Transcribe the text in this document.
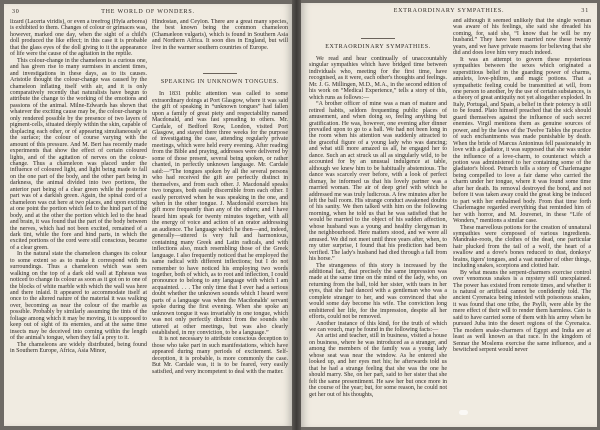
30	THE WORLD OF WONDERS.

lizard (Lacerta viridis), or even a treefrog (Hyla arborea) is exhibited to them. Changes of colour or grimaces was, however, marked one day, when the sight of a child's doll produced the like effect; in this case it is probable that the glass eyes of the doll giving to it the appearance of life were the cause of the agitation in the reptile.

This colour-change in the chameleon is a curious one, and has given rise to many surmises in ancient times, and investigations in these days, as to its causes. Aristotle thought the colour-change was caused by the chameleon inflating itself with air, and it is only comparatively recently that naturalists have begun to attribute the change to the working of the emotions and passions of the animal. Milne-Edwards has shown that whatever the exciting cause may be, the colour-change is only rendered possible by the presence of two layers of pigment-cells, situated deeply within the skin, capable of displacing each other, or of appearing simultaneously at the surface; the colour of course varying with the amount of this pressure. And M. Bert has recently made experiments that show the effect of certain coloured lights, and of the agitation of nerves on the colour-change. Thus a chameleon was placed under the influence of coloured light, and light being made to fall on the one part of the body, and the other part being in darkness, the animal divided into two portions, the anterior part being of a clear green while the posterior part was of a darkish green. Again, the spinal cord of a chameleon was cut here at two places, and upon exciting at one point the portion which led to the hind part of the body, and at the other the portion which led to the head and brain, it was found that the part of the body between the nerves, which had not been excited, remained of a dark tint, while the fore and hind parts, in which the excited portions of the cord were still conscious, became of a clear green.

In the natural state the chameleon changes its colour to some extent so as to make it correspond with its surroundings. Thus a chameleon which was seen walking on the top of a dark old wall at Ephesus was noticed to change its colour as soon as it got on to one of the blocks of white marble with which the wall was here and there inlaid. It appeared to accommodate itself at once to the altered nature of the material it was walking over, becoming as near the colour of the marble as possible. Probably by similarly assuming the tints of the foliage among which it may be moving, it is supposed to keep out of sight of its enemies, and at the same time insects may be deceived into coming within the length of the animal's tongue, when they fall a prey to it.

The chameleons are widely distributed, being found in Southern Europe, Africa, Asia Minor,

Hindostan, and Ceylon. There are a great many species, the best known being the common chameleon (Chamæleon vulgaris), which is found in Southern Asia and Northern Africa. It soon dies in England, but will live in the warmer southern countries of Europe.

SPEAKING IN UNKNOWN TONGUES.

In 1831 public attention was called to some extraordinary doings at Port Glasgow, where it was said the gift of speaking in “unknown tongues” had fallen upon a family of great piety and respectability named Macdonald, and was fast spreading to others. Mr. Cardale, of Bedford Row, London, visited Port Glasgow, and stayed there three weeks for the purpose of investigating the case, attending regularly private meetings, which were held every evening. After reading from the Bible and praying, addresses were delivered by some of those present, several being spoken, or rather chanted, in perfectly unknown language. Mr. Cardale said:—“The tongues spoken by all the several persons who had received the gift are perfectly distinct in themselves, and from each other. J. Macdonald speaks two tongues, both easily discernible from each other. I easily perceived when he was speaking in the one, and when in the other tongue. J. Macdonald exercises his gift more frequently than any of the others; and I have heard him speak for twenty minutes together, with all the energy of voice and action of an orator addressing an audience. The language which he then—and, indeed, generally—uttered is very full and harmonious, containing many Greek and Latin radicals, and with inflections also, much resembling those of the Greek language. I also frequently noticed that he employed the same radical with different inflections; but I do not remember to have noticed his employing two words together, both of which, as to root and inflection, I could pronounce to belong to any language with which I am acquainted. . . . The only time that I ever had a serious doubt whether the unknown sounds which I heard were parts of a language was when the Macdonalds' servant spoke during the first evening. When she spoke an unknown tongue it was invariably in one tongue, which was not only perfectly distinct from the sounds she uttered at other meetings, but was also clearly established, in my conviction, to be a language.”

It is not necessary to attribute conscious deception to those who take part in such manifestations, which have appeared during many periods of excitement. Self-deception, it is probable, is more commonly the case. But Mr. Cardale was, it is to be feared, very easily satisfied, and very incompetent to deal with the matter.

EXTRAORDINARY SYMPATHIES.	31
EXTRAORDINARY SYMPATHIES.

We read and hear continually of unaccountably singular sympathies which have bridged time between individuals who, meeting for the first time, have recognised, as it were, each other's thoughts and feelings. Mr. J. G. Millingen, M.D., M.A., in the second edition of his work on “Medical Experience,” tells a story of this, which runs as follows:—

“A brother officer of mine was a man of mature and retired habits, seldom frequenting public places of amusement, and when doing so, feeling anything but gratification. He was, however, one evening after dinner prevailed upon to go to a ball. We had not been long in the room when his attention was suddenly attracted to the graceful figure of a young lady who was dancing; and what still more amazed us all, he engaged her to dance. Such an act struck us all as singularly wild, to be accounted for by an unusual indulgence at table, although we knew him to be habitually abstemious. The dance was scarcely over before, with a look of perfect dismay, he informed us that his lovely partner was a married woman. The air of deep grief with which he addressed me was truly ludicrous. A few minutes after he left the ball room. His strange conduct awakened doubts of his sanity. We then talked with him on the following morning, when he told us that he was satisfied that he would be married to the object of his sudden affection, whose husband was a young and healthy clergyman in the neighbourhood. Here matters stood, and we were all amused. We did not meet until three years after, when, to my utter surprise, I found that his prediction had been verified. The lady's husband had died through a fall from his horse.”

The strangeness of this story is increased by the additional fact, that precisely the same impression was made at the same time on the mind of the lady, who, on returning from the ball, told her sister, with tears in her eyes, that she had danced with a gentleman who was a complete stranger to her, and was convinced that she would some day become his wife. The conviction long embittered her life, for the impression, despite all her efforts, could not be removed.

Another instance of this kind, for the truth of which we can vouch, may be found in the following facts:—

An artist and teacher, still in business, visited a house on business, where he was introduced as a stranger, and among the members of the family was a young lady whose seat was near the window. As he entered she looked up, and her eyes met his; he afterwards told us that he had a strange feeling that she was the one he should marry. She, on her part, said to her sister that she felt the same presentiment. He saw her but once more in the course of the year; but, for some reason, he could not get her out of his thoughts,

and although it seemed unlikely that the single woman was aware of his feelings, she said she dreaded his coming, for, said she, “I know that he will be my husband.” They have been married now these twenty years, and we have private reasons for believing that she did and does love him very much indeed.

It was an attempt to govern these mysterious sympathies between the sexes which originated a superstitious belief in the guarding power of charms, amulets, love-philtres, and magic potions. That a sympathetic feeling could be transmitted at will, from one person to another, by the use of certain substances, is a theory of great antiquity not yet altogether exploded. In Italy, Portugal, and Spain, a belief in their potency is still to be found. Plato himself preached that the sick should guard themselves against the influence of such secret enemies. Virgil mentions them as genuine sources of power, and by the laws of the Twelve Tables the practice of such enchantments was made punishable by death. When the bride of Marcus Antoninus fell passionately in love with a gladiator, it was supposed that she was under the influence of a love-charm, to counteract which a potion was administered to her containing some of the gladiator's blood. Petrarch tells a story of Charlemagne being compelled to love a fair dame who carried the charm under her tongue, where it was found some time after her death. Its removal destroyed the bond, and not before it was taken away could the great king be induced to part with her embalmed body. From that time forth Charlemagne regarded everything that reminded him of her with horror, and M. Jouvenet, in these “Life of Wonders,” mentions a similar case.

These marvellous potions for the creation of unnatural sympathies were composed of various ingredients. Mandrake-roots, the clothes of the dead, one particular hair plucked from the tail of a wolf, the heart of a swallow and a dove's bones reduced to dust, donkeys' brains, tigers' tongues, and a vast number of other things, including snakes, scorpions and clotted hair.

By what means the serpent-charmers exercise control over venomous snakes is a mystery still unexplained. The power has existed from remote times, and whether it is natural or artificial cannot be confidently told. The ancient Cyrenaica being infested with poisonous snakes, it was found that one tribe, the Psylli, were able by the mere effect of their will to render them harmless. Cato is said to have carried some of them with his army when he pursued Juba into the desert regions of the Cyrenaica. The modern snake-charmers of Egypt and India are at least as well known as that race. In the kingdom of Sennar the Moslems exercise the same influence, and a bewitched serpent would never
